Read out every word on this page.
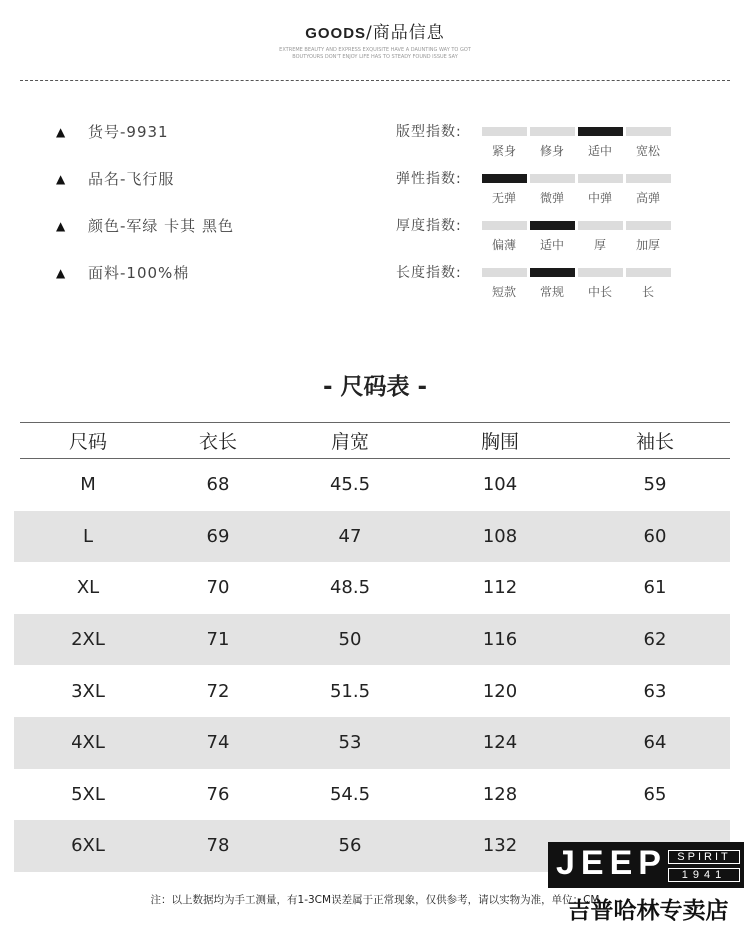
GOODS/商品信息
EXTREME BEAUTY AND EXPRESS EXQUISITE HAVE A DAUNTING WAY TO GOT
BOUTYOURS DON'T ENJOY LIFE HAS TO STEADY FOUND ISSUE SAY
▲	货号-9931
▲	品名-飞行服
▲	颜色-军绿 卡其 黑色
▲	面料-100%棉
版型指数:
紧身 修身 适中 宽松
弹性指数:
无弹 微弹 中弹 高弹
厚度指数:
偏薄 适中 厚 加厚
长度指数:
短款 常规 中长 长
- 尺码表 -
尺码	衣长	肩宽	胸围	袖长
M	68	45.5	104	59
L	69	47	108	60
XL	70	48.5	112	61
2XL	71	50	116	62
3XL	72	51.5	120	63
4XL	74	53	124	64
5XL	76	54.5	128	65
6XL	78	56	132
注：以上数据均为手工测量，有1-3CM误差属于正常现象，仅供参考，请以实物为准，单位：CM
JEEP SPIRIT
1941
吉普哈林专卖店
